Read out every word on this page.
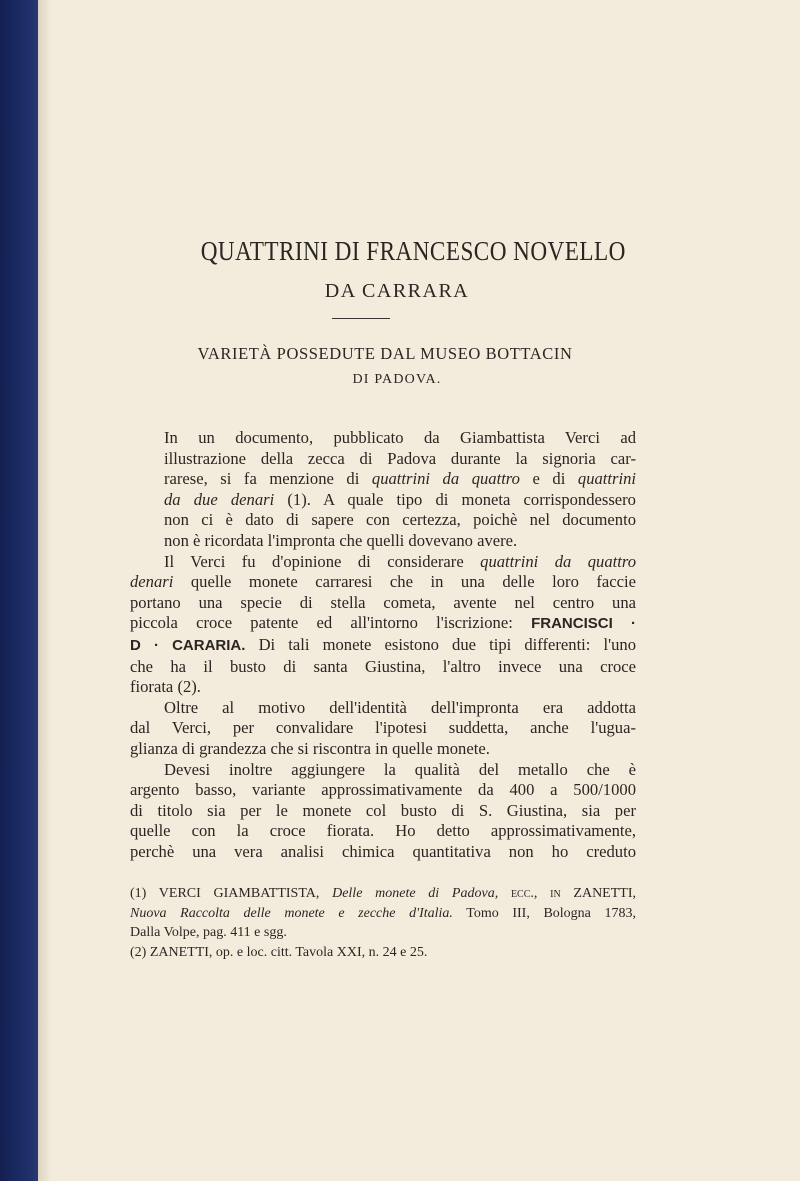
QUATTRINI DI FRANCESCO NOVELLO
DA CARRARA
VARIETÀ POSSEDUTE DAL MUSEO BOTTACIN
DI PADOVA.

In un documento, pubblicato da Giambattista Verci ad
illustrazione della zecca di Padova durante la signoria car-
rarese, si fa menzione di quattrini da quattro e di quattrini
da due denari (1). A quale tipo di moneta corrispondessero
non ci è dato di sapere con certezza, poichè nel documento
non è ricordata l'impronta che quelli dovevano avere.

Il Verci fu d'opinione di considerare quattrini da quattro

denari quelle monete carraresi che in una delle loro faccie
portano una specie di stella cometa, avente nel centro una
piccola croce patente ed all'intorno l'iscrizione: FRANCISCI ·
D · CARARIA. Di tali monete esistono due tipi differenti: l'uno
che ha il busto di santa Giustina, l'altro invece una croce
fiorata (2).

Oltre al motivo dell'identità dell'impronta era addotta

dal Verci, per convalidare l'ipotesi suddetta, anche l'ugua-
glianza di grandezza che si riscontra in quelle monete.

Devesi inoltre aggiungere la qualità del metallo che è

argento basso, variante approssimativamente da 400 a 500/1000
di titolo sia per le monete col busto di S. Giustina, sia per
quelle con la croce fiorata. Ho detto approssimativamente,
perchè una vera analisi chimica quantitativa non ho creduto
(1) VERCI GIAMBATTISTA, Delle monete di Padova, ecc., in ZANETTI,
Nuova Raccolta delle monete e zecche d'Italia. Tomo III, Bologna 1783,
Dalla Volpe, pag. 411 e sgg.
(2) ZANETTI, op. e loc. citt. Tavola XXI, n. 24 e 25.
